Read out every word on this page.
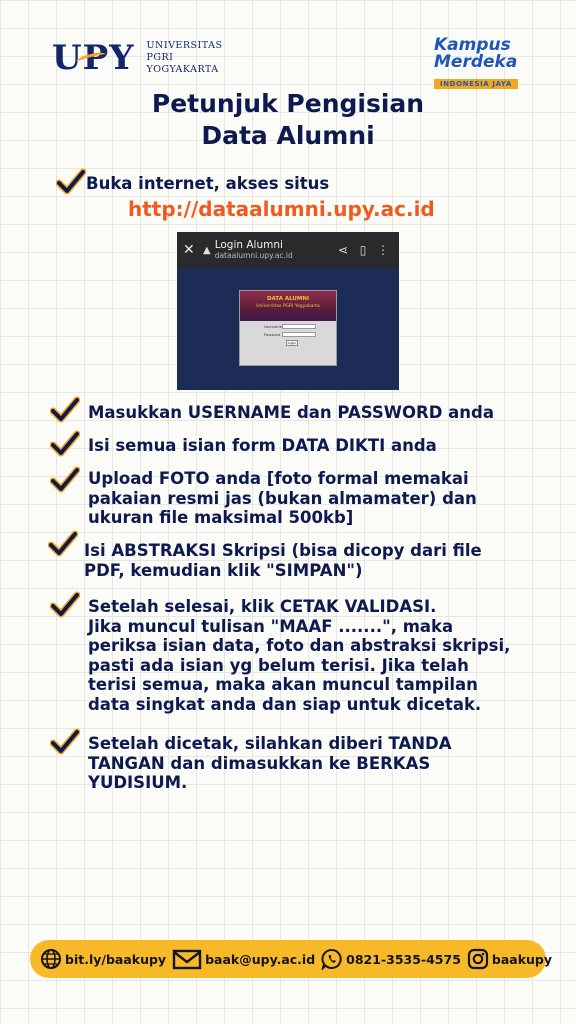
UPY UNIVERSITAS
PGRI
YOGYAKARTA
Kampus
Merdeka
INDONESIA JAYA
Petunjuk Pengisian
Data Alumni
Buka internet, akses situs
http://dataalumni.upy.ac.id
✕ ▲ Login Alumni
dataalumni.upy.ac.id	⋖ ▯ ⋮
DATA ALUMNI
Universitas PGRI Yogyakarta
Username
Password
Login
Masukkan USERNAME dan PASSWORD anda
Isi semua isian form DATA DIKTI anda
Upload FOTO anda [foto formal memakai
pakaian resmi jas (bukan almamater) dan
ukuran file maksimal 500kb]
Isi ABSTRAKSI Skripsi (bisa dicopy dari file
PDF, kemudian klik "SIMPAN")
Setelah selesai, klik CETAK VALIDASI.
Jika muncul tulisan "MAAF .......", maka
periksa isian data, foto dan abstraksi skripsi,
pasti ada isian yg belum terisi. Jika telah
terisi semua, maka akan muncul tampilan
data singkat anda dan siap untuk dicetak.
Setelah dicetak, silahkan diberi TANDA
TANGAN dan dimasukkan ke BERKAS
YUDISIUM.
bit.ly/baakupy	baak@upy.ac.id 0821-3535-4575 baakupy
